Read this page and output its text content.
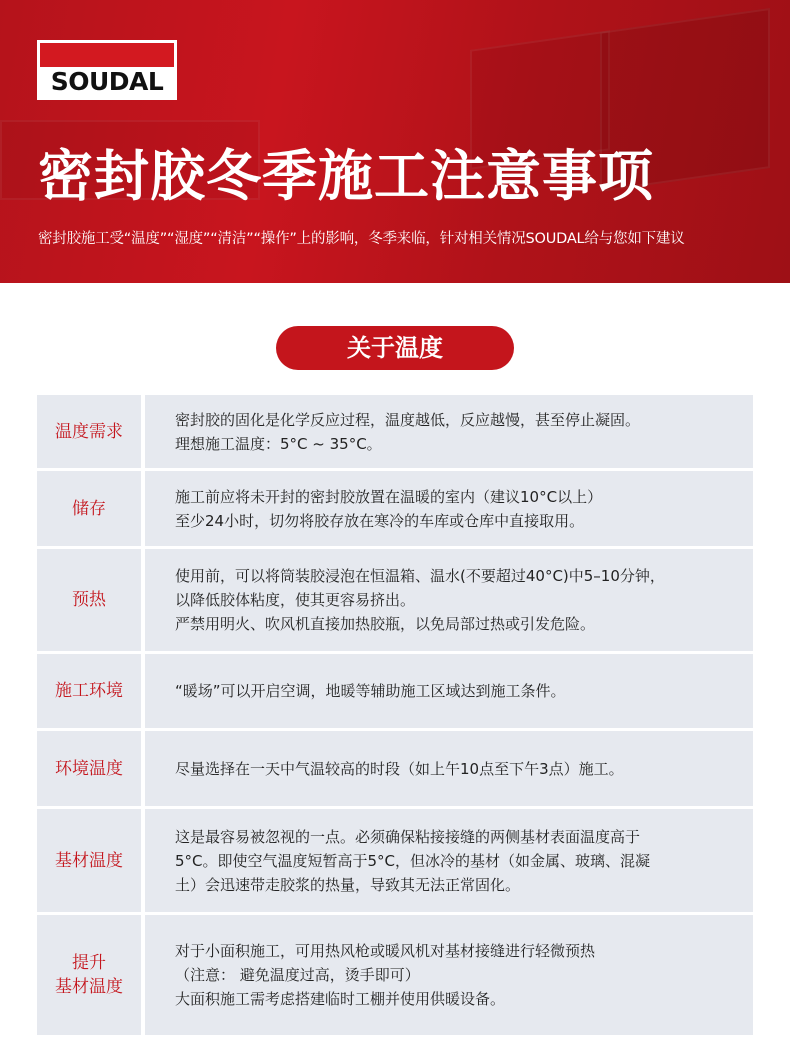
SOUDAL
密封胶冬季施工注意事项
密封胶施工受“温度”“湿度”“清洁”“操作”上的影响，冬季来临，针对相关情况SOUDAL给与您如下建议
关于温度
温度需求
密封胶的固化是化学反应过程，温度越低，反应越慢，甚至停止凝固。
理想施工温度：5°C ~ 35°C。
储存
施工前应将未开封的密封胶放置在温暖的室内（建议10°C以上）
至少24小时，切勿将胶存放在寒冷的车库或仓库中直接取用。
预热
使用前，可以将筒装胶浸泡在恒温箱、温水(不要超过40°C)中5–10分钟，
以降低胶体粘度，使其更容易挤出。
严禁用明火、吹风机直接加热胶瓶，以免局部过热或引发危险。
施工环境	“暖场”可以开启空调，地暖等辅助施工区域达到施工条件。
环境温度	尽量选择在一天中气温较高的时段（如上午10点至下午3点）施工。
基材温度
这是最容易被忽视的一点。必须确保粘接接缝的两侧基材表面温度高于
5°C。即使空气温度短暂高于5°C，但冰冷的基材（如金属、玻璃、混凝
土）会迅速带走胶浆的热量，导致其无法正常固化。
提升
基材温度
对于小面积施工，可用热风枪或暖风机对基材接缝进行轻微预热
（注意： 避免温度过高，烫手即可）
大面积施工需考虑搭建临时工棚并使用供暖设备。
